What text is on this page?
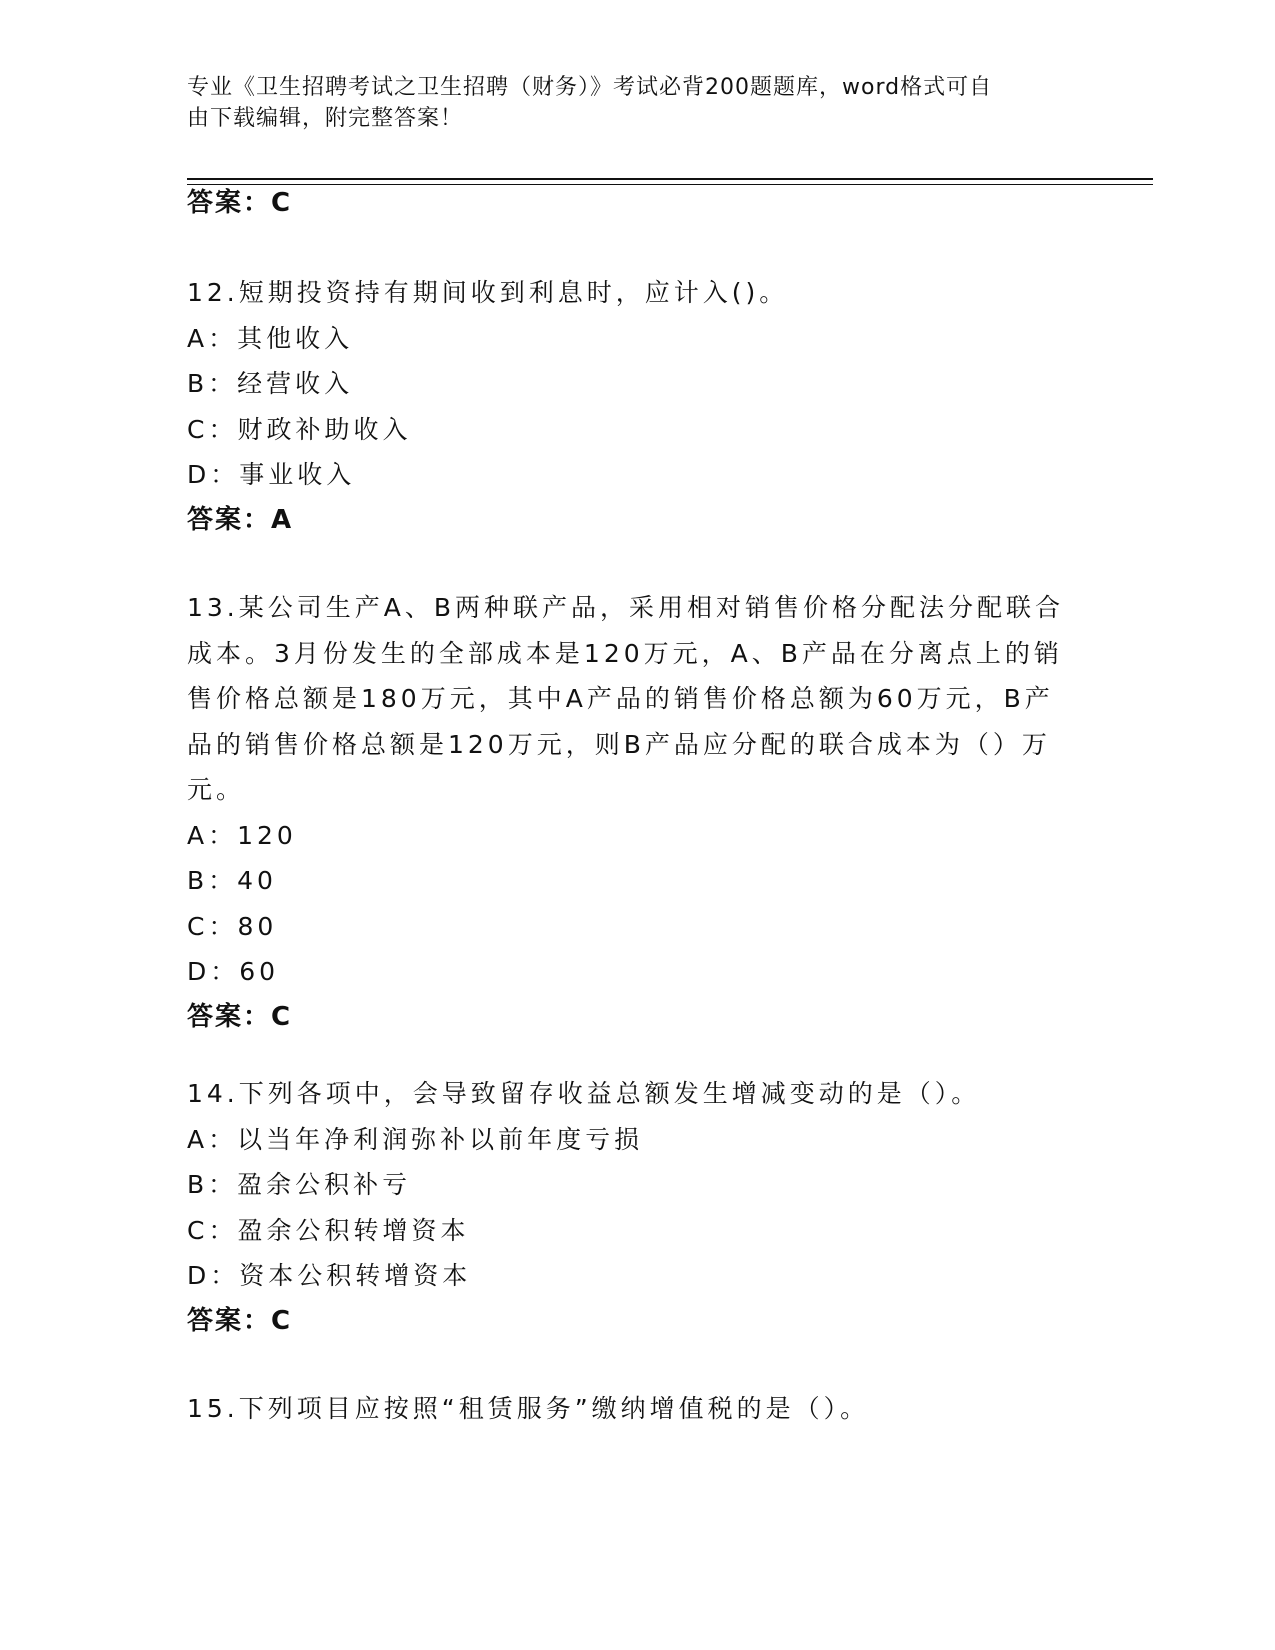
专业《卫生招聘考试之卫生招聘（财务）》考试必背200题题库，word格式可自
由下载编辑，附完整答案！
答案：C
12.短期投资持有期间收到利息时，应计入()。
A：其他收入
B：经营收入
C：财政补助收入
D：事业收入
答案：A
13.某公司生产A、B两种联产品，采用相对销售价格分配法分配联合
成本。3月份发生的全部成本是120万元，A、B产品在分离点上的销
售价格总额是180万元，其中A产品的销售价格总额为60万元，B产
品的销售价格总额是120万元，则B产品应分配的联合成本为（）万
元。
A：120
B：40
C：80
D：60
答案：C
14.下列各项中，会导致留存收益总额发生增减变动的是（）。
A：以当年净利润弥补以前年度亏损
B：盈余公积补亏
C：盈余公积转增资本
D：资本公积转增资本
答案：C
15.下列项目应按照“租赁服务”缴纳增值税的是（）。
